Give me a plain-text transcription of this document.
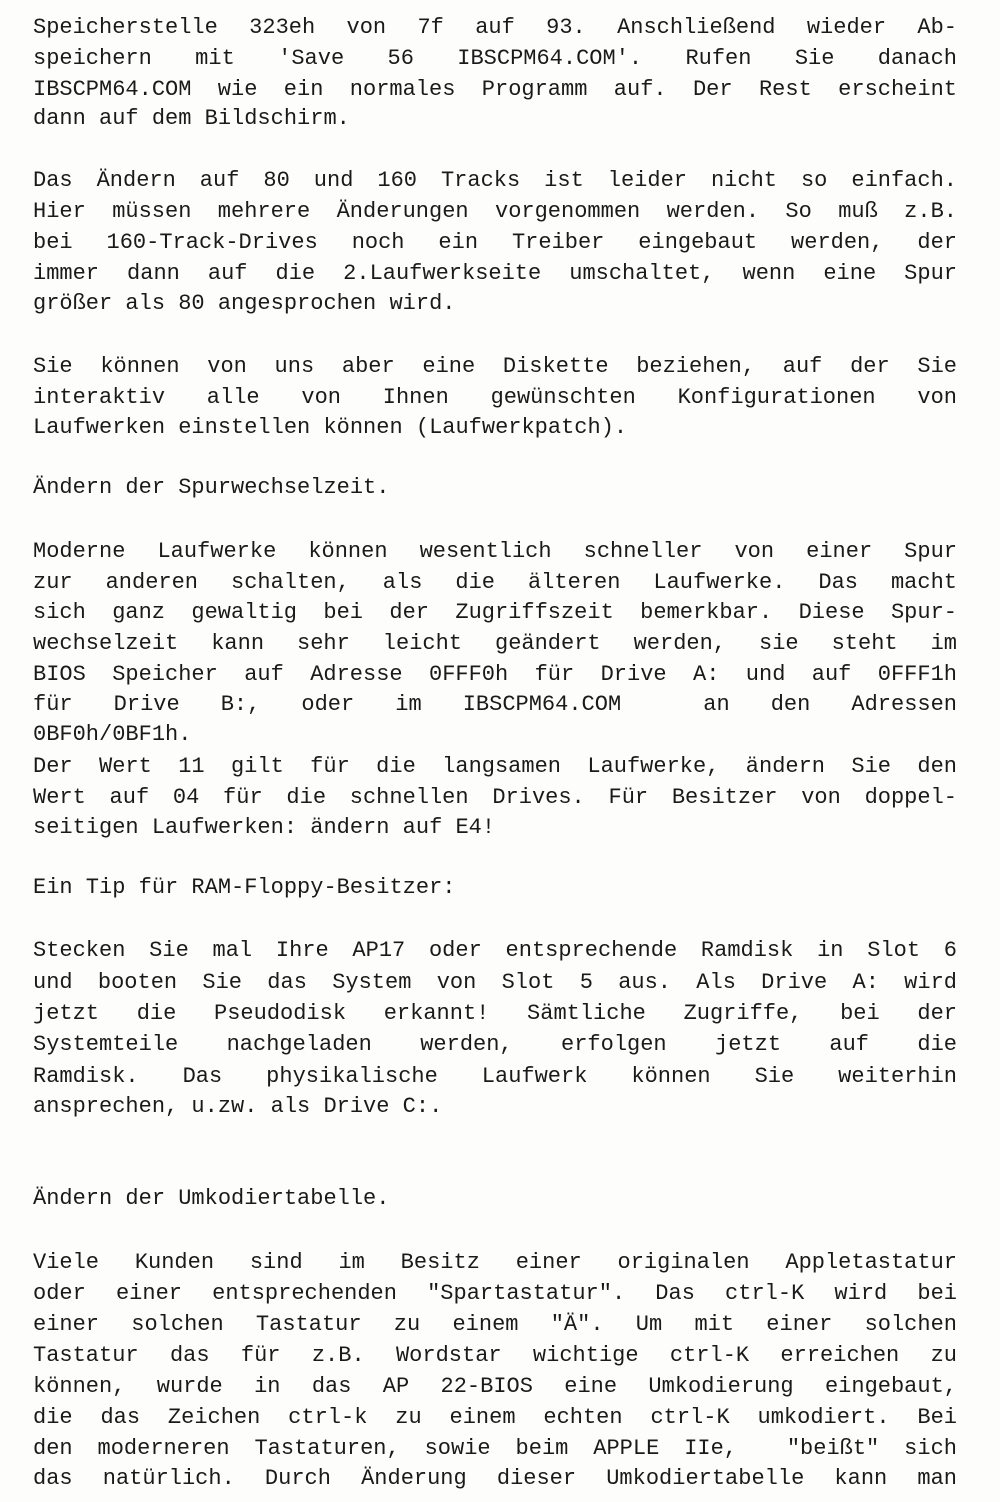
Speicherstelle 323eh von 7f auf 93. Anschließend wieder Ab-

speichern mit 'Save 56 IBSCPM64.COM'. Rufen Sie danach

IBSCPM64.COM wie ein normales Programm auf. Der Rest erscheint

dann auf dem Bildschirm.

Das Ändern auf 80 und 160 Tracks ist leider nicht so einfach.

Hier müssen mehrere Änderungen vorgenommen werden. So muß z.B.

bei 160-Track-Drives noch ein Treiber eingebaut werden, der

immer dann auf die 2.Laufwerkseite umschaltet, wenn eine Spur

größer als 80 angesprochen wird.

Sie können von uns aber eine Diskette beziehen, auf der Sie

interaktiv alle von Ihnen gewünschten Konfigurationen von

Laufwerken einstellen können (Laufwerkpatch).

Ändern der Spurwechselzeit.

Moderne Laufwerke können wesentlich schneller von einer Spur

zur anderen schalten, als die älteren Laufwerke. Das macht

sich ganz gewaltig bei der Zugriffszeit bemerkbar. Diese Spur-

wechselzeit kann sehr leicht geändert werden, sie steht im

BIOS Speicher auf Adresse 0FFF0h für Drive A: und auf 0FFF1h

für Drive B:, oder im IBSCPM64.COM  an den Adressen

0BF0h/0BF1h.

Der Wert 11 gilt für die langsamen Laufwerke, ändern Sie den

Wert auf 04 für die schnellen Drives. Für Besitzer von doppel-

seitigen Laufwerken: ändern auf E4!

Ein Tip für RAM-Floppy-Besitzer:

Stecken Sie mal Ihre AP17 oder entsprechende Ramdisk in Slot 6

und booten Sie das System von Slot 5 aus. Als Drive A: wird

jetzt die Pseudodisk erkannt! Sämtliche Zugriffe, bei der

Systemteile nachgeladen werden, erfolgen jetzt auf die

Ramdisk. Das physikalische Laufwerk können Sie weiterhin

ansprechen, u.zw. als Drive C:.

Ändern der Umkodiertabelle.

Viele Kunden sind im Besitz einer originalen Appletastatur

oder einer entsprechenden "Spartastatur". Das ctrl-K wird bei

einer solchen Tastatur zu einem "Ä". Um mit einer solchen

Tastatur das für z.B. Wordstar wichtige ctrl-K erreichen zu

können, wurde in das AP 22-BIOS eine Umkodierung eingebaut,

die das Zeichen ctrl-k zu einem echten ctrl-K umkodiert. Bei

den moderneren Tastaturen, sowie beim APPLE IIe,  "beißt" sich

das natürlich. Durch Änderung dieser Umkodiertabelle kann man
